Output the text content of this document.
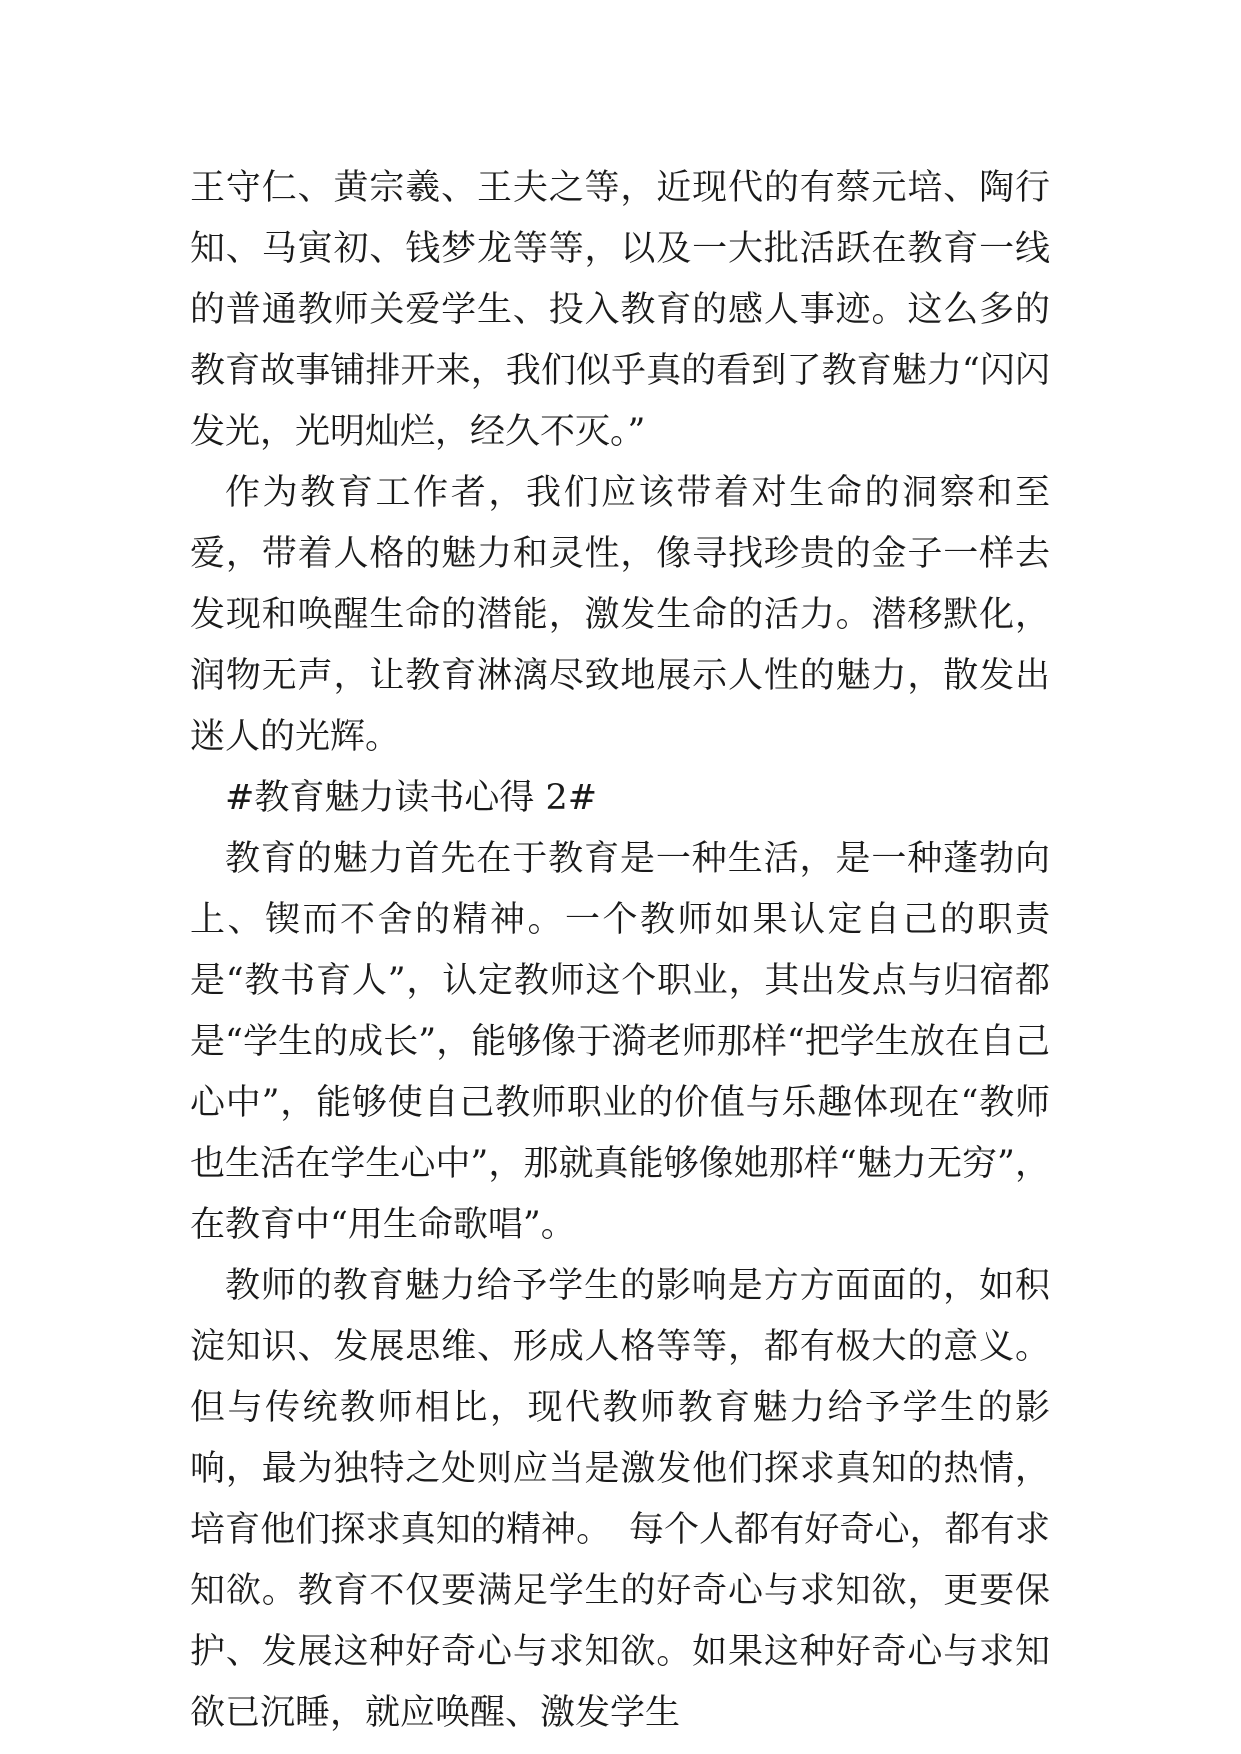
王守仁、黄宗羲、王夫之等，近现代的有蔡元培、陶行知、马寅初、钱梦龙等等，以及一大批活跃在教育一线的普通教师关爱学生、投入教育的感人事迹。这么多的教育故事铺排开来，我们似乎真的看到了教育魅力“闪闪发光，光明灿烂，经久不灭。”

作为教育工作者，我们应该带着对生命的洞察和至爱，带着人格的魅力和灵性，像寻找珍贵的金子一样去发现和唤醒生命的潜能，激发生命的活力。潜移默化，润物无声，让教育淋漓尽致地展示人性的魅力，散发出迷人的光辉。

#教育魅力读书心得 2#

教育的魅力首先在于教育是一种生活，是一种蓬勃向上、锲而不舍的精神。一个教师如果认定自己的职责是“教书育人”，认定教师这个职业，其出发点与归宿都是“学生的成长”，能够像于漪老师那样“把学生放在自己心中”，能够使自己教师职业的价值与乐趣体现在“教师也生活在学生心中”，那就真能够像她那样“魅力无穷”，在教育中“用生命歌唱”。

教师的教育魅力给予学生的影响是方方面面的，如积淀知识、发展思维、形成人格等等，都有极大的意义。但与传统教师相比，现代教师教育魅力给予学生的影响，最为独特之处则应当是激发他们探求真知的热情，培育他们探求真知的精神。　每个人都有好奇心，都有求知欲。教育不仅要满足学生的好奇心与求知欲，更要保护、发展这种好奇心与求知欲。如果这种好奇心与求知欲已沉睡，就应唤醒、激发学生
